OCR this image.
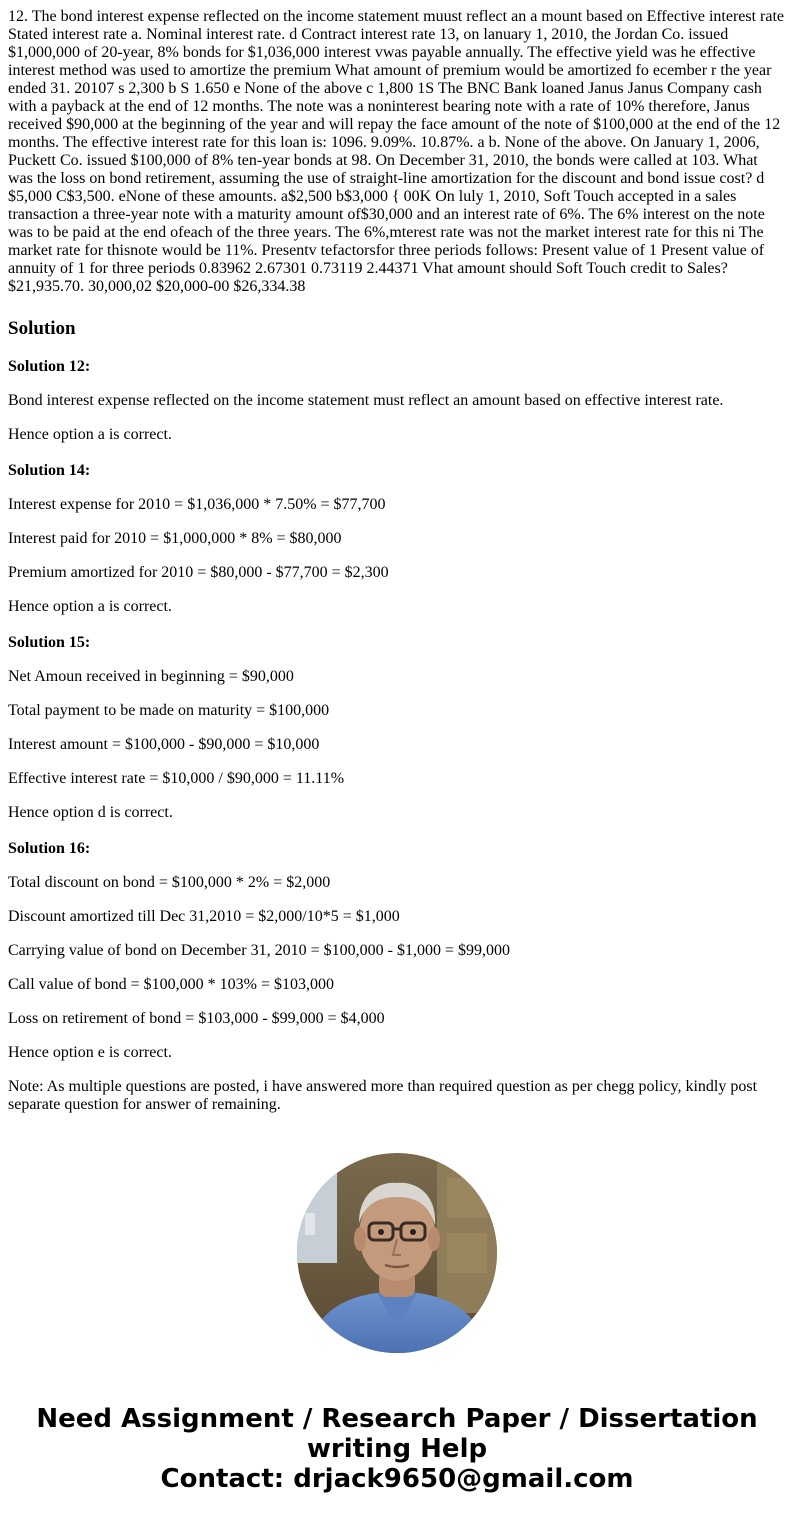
12. The bond interest expense reflected on the income statement muust reflect an a mount based on Effective interest rate Stated interest rate a. Nominal interest rate. d Contract interest rate 13, on lanuary 1, 2010, the Jordan Co. issued $1,000,000 of 20-year, 8% bonds for $1,036,000 interest vwas payable annually. The effective yield was he effective interest method was used to amortize the premium What amount of premium would be amortized fo ecember r the year ended 31. 20107 s 2,300 b S 1.650 e None of the above c 1,800 1S The BNC Bank loaned Janus Janus Company cash with a payback at the end of 12 months. The note was a noninterest bearing note with a rate of 10% therefore, Janus received $90,000 at the beginning of the year and will repay the face amount of the note of $100,000 at the end of the 12 months. The effective interest rate for this loan is: 1096. 9.09%. 10.87%. a b. None of the above. On January 1, 2006, Puckett Co. issued $100,000 of 8% ten-year bonds at 98. On December 31, 2010, the bonds were called at 103. What was the loss on bond retirement, assuming the use of straight-line amortization for the discount and bond issue cost? d $5,000 C$3,500. eNone of these amounts. a$2,500 b$3,000 { 00K On luly 1, 2010, Soft Touch accepted in a sales transaction a three-year note with a maturity amount of$30,000 and an interest rate of 6%. The 6% interest on the note was to be paid at the end ofeach of the three years. The 6%,mterest rate was not the market interest rate for this ni The market rate for thisnote would be 11%. Presentv tefactorsfor three periods follows: Present value of 1 Present value of annuity of 1 for three periods 0.83962 2.67301 0.73119 2.44371 Vhat amount should Soft Touch credit to Sales? $21,935.70. 30,000,02 $20,000-00 $26,334.38

Solution

Solution 12:

Bond interest expense reflected on the income statement must reflect an amount based on effective interest rate.

Hence option a is correct.

Solution 14:

Interest expense for 2010 = $1,036,000 * 7.50% = $77,700

Interest paid for 2010 = $1,000,000 * 8% = $80,000

Premium amortized for 2010 = $80,000 - $77,700 = $2,300

Hence option a is correct.

Solution 15:

Net Amoun received in beginning = $90,000

Total payment to be made on maturity = $100,000

Interest amount = $100,000 - $90,000 = $10,000

Effective interest rate = $10,000 / $90,000 = 11.11%

Hence option d is correct.

Solution 16:

Total discount on bond = $100,000 * 2% = $2,000

Discount amortized till Dec 31,2010 = $2,000/10*5 = $1,000

Carrying value of bond on December 31, 2010 = $100,000 - $1,000 = $99,000

Call value of bond = $100,000 * 103% = $103,000

Loss on retirement of bond = $103,000 - $99,000 = $4,000

Hence option e is correct.

Note: As multiple questions are posted, i have answered more than required question as per chegg policy, kindly post separate question for answer of remaining.

Need Assignment / Research Paper / Dissertation
writing Help
Contact: drjack9650@gmail.com
